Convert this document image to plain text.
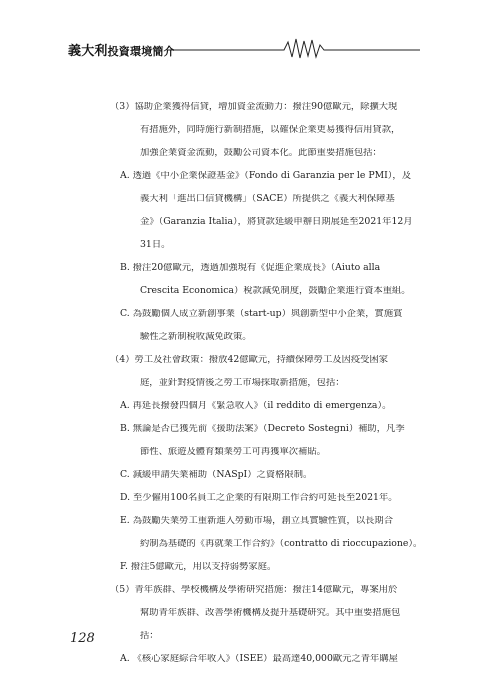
義大利投資環境簡介
（3）協助企業獲得信貸，增加資金流動力：撥注90億歐元，除擴大現
有措施外，同時施行新制措施，以確保企業更易獲得信用貸款，
加強企業資金流動，鼓勵公司資本化。此節重要措施包括：
A. 透過《中小企業保證基金》（Fondo di Garanzia per le PMI），及
義大利「進出口信貸機構」（SACE）所提供之《義大利保障基
金》（Garanzia Italia），將貸款延緩申辦日期展延至2021年12月
31日。
B. 撥注20億歐元，透過加強現有《促進企業成長》（Aiuto alla
Crescita Economica）稅款減免制度，鼓勵企業進行資本重組。
C. 為鼓勵個人成立新創事業（start-up）與創新型中小企業，實施賞
驗性之新制稅收減免政策。
（4）勞工及社會政策：撥放42億歐元，持續保障勞工及因疫受困家
庭，並針對疫情後之勞工市場採取新措施，包括：
A. 再延長撥發四個月《緊急收入》（il reddito di emergenza）。
B. 無論是否已獲先前《援助法案》（Decreto Sostegni）補助，凡季
節性、旅遊及體育類業勞工可再獲單次補貼。
C. 減緩申請失業補助（NASpI）之資格限制。
D. 至少僱用100名員工之企業的有限期工作合約可延長至2021年。
E. 為鼓勵失業勞工重新進入勞動市場，創立具實驗性質，以長期合
約制為基礎的《再就業工作合約》（contratto di rioccupazione）。
F. 撥注5億歐元，用以支持弱勢家庭。
（5）青年族群、學校機構及學術研究措施：撥注14億歐元，專案用於
幫助青年族群、改善學術機構及提升基礎研究。其中重要措施包
括：
A. 《核心家庭綜合年收入》（ISEE）最高達40,000歐元之青年購屋
128
